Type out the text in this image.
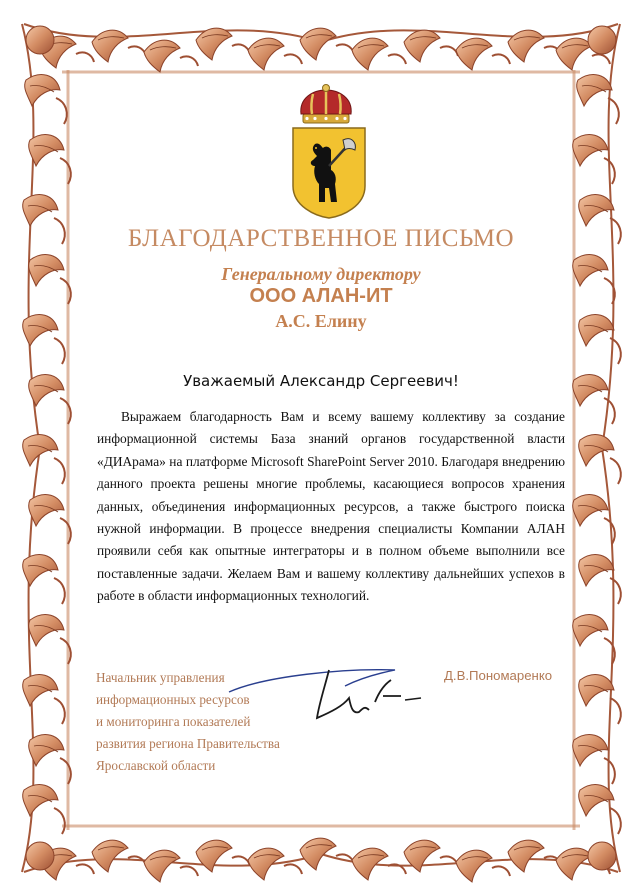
БЛАГОДАРСТВЕННОЕ ПИСЬМО
Генеральному директору
ООО АЛАН-ИТ
А.С. Елину
Уважаемый Александр Сергеевич!
Выражаем благодарность Вам и всему вашему коллективу за создание информационной системы База знаний органов государственной власти «ДИАрама» на платформе Microsoft SharePoint Server 2010. Благодаря внедрению данного проекта решены многие проблемы, касающиеся вопросов хранения данных, объединения информационных ресурсов, а также быстрого поиска нужной информации. В процессе внедрения специалисты Компании АЛАН проявили себя как опытные интеграторы и в полном объеме выполнили все поставленные задачи. Желаем Вам и вашему коллективу дальнейших успехов в работе в области информационных технологий.
Начальник управления
информационных ресурсов
и мониторинга показателей
развития региона Правительства
Ярославской области
Д.В.Пономаренко
